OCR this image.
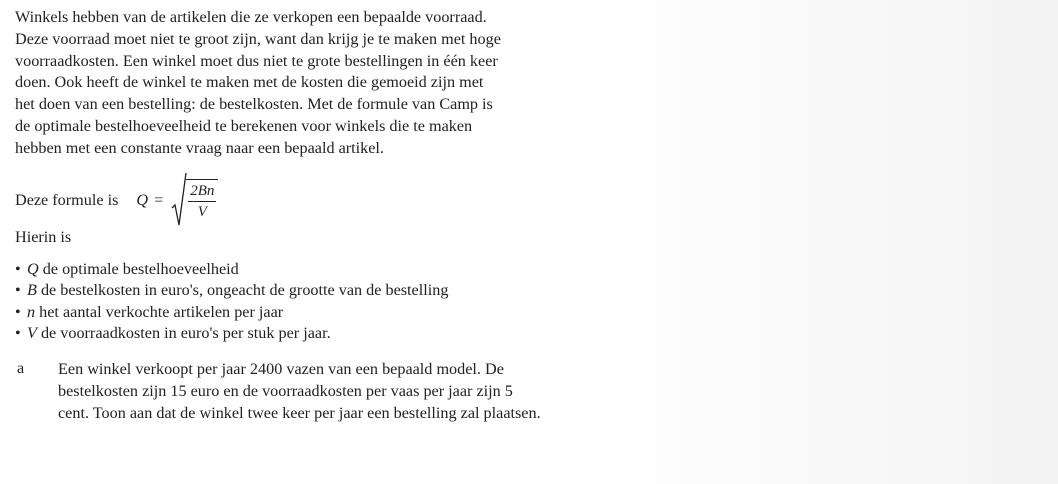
Winkels hebben van de artikelen die ze verkopen een bepaalde voorraad.
Deze voorraad moet niet te groot zijn, want dan krijg je te maken met hoge
voorraadkosten. Een winkel moet dus niet te grote bestellingen in één keer
doen. Ook heeft de winkel te maken met de kosten die gemoeid zijn met
het doen van een bestelling: de bestelkosten. Met de formule van Camp is
de optimale bestelhoeveelheid te berekenen voor winkels die te maken
hebben met een constante vraag naar een bepaald artikel.
Deze formule is $Q = \frac{2Bn}{V}$
Hierin is
• Q de optimale bestelhoeveelheid
• B de bestelkosten in euro's, ongeacht de grootte van de bestelling
• n het aantal verkochte artikelen per jaar
• V de voorraadkosten in euro's per stuk per jaar.
a Een winkel verkoopt per jaar 2400 vazen van een bepaald model. De
bestelkosten zijn 15 euro en de voorraadkosten per vaas per jaar zijn 5
cent. Toon aan dat de winkel twee keer per jaar een bestelling zal plaatsen.
